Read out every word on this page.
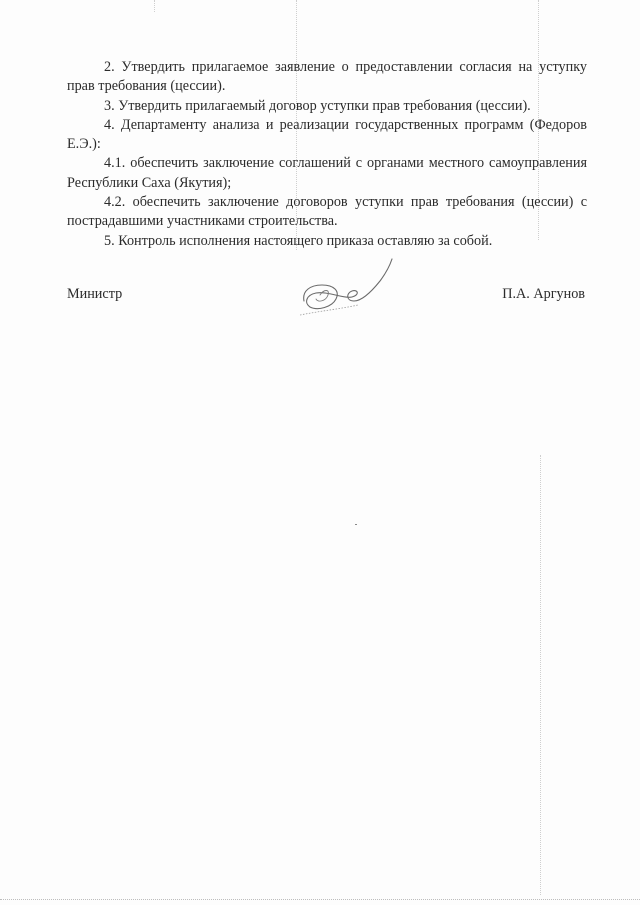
2. Утвердить прилагаемое заявление о предоставлении согласия на уступку прав требования (цессии).

3. Утвердить прилагаемый договор уступки прав требования (цессии).

4. Департаменту анализа и реализации государственных программ (Федоров Е.Э.):

4.1. обеспечить заключение соглашений с органами местного самоуправления Республики Саха (Якутия);

4.2. обеспечить заключение договоров уступки прав требования (цессии) с пострадавшими участниками строительства.

5. Контроль исполнения настоящего приказа оставляю за собой.

Министр	П.А. Аргунов
